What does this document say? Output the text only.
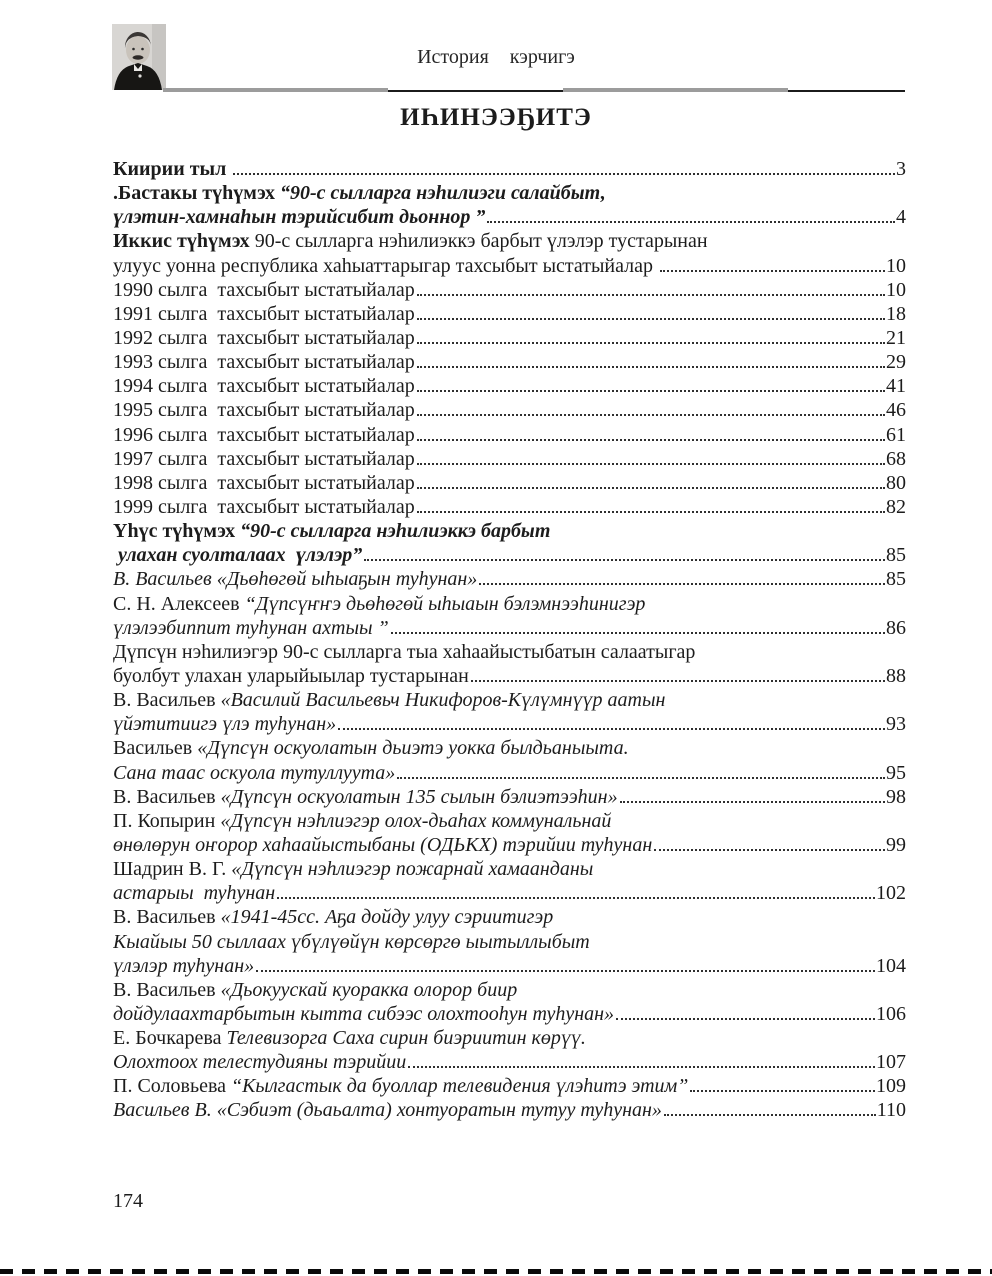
История кэрчигэ
ИҺИНЭЭҔИТЭ
Киирии тыл	3
.Бастакы түһүмэх “90-с сылларга нэһилиэги салайбыт,
үлэтин-хамнаһын тэрийсибит дьоннор ”	4
Иккис түһүмэх 90-с сылларга нэһилиэккэ барбыт үлэлэр тустарынан
улуус уонна республика хаһыаттарыгар тахсыбыт ыстатыйалар	10
1990 сылга  тахсыбыт ыстатыйалар	10
1991 сылга  тахсыбыт ыстатыйалар	18
1992 сылга  тахсыбыт ыстатыйалар	21
1993 сылга  тахсыбыт ыстатыйалар	29
1994 сылга  тахсыбыт ыстатыйалар	41
1995 сылга  тахсыбыт ыстатыйалар	46
1996 сылга  тахсыбыт ыстатыйалар	61
1997 сылга  тахсыбыт ыстатыйалар	68
1998 сылга  тахсыбыт ыстатыйалар	80
1999 сылга  тахсыбыт ыстатыйалар	82
Үһүс түһүмэх “90-с сылларга нэһилиэккэ барбыт
улахан суолталаах  үлэлэр”	85
В. Васильев «Дьөһөгөй ыһыаҕын туһунан»	85
С. Н. Алексеев “Дүпсүҥҥэ дьөһөгөй ыһыаын бэлэмнээһинигэр
үлэлээбиппит туһунан ахтыы ”	86
Дүпсүн нэһилиэгэр 90-с сылларга тыа хаһаайыстыбатын салаатыгар
буолбут улахан уларыйыылар тустарынан	88
В. Васильев «Василий Васильевьч Никифоров-Күлүмнүүр аатын
үйэтитиигэ үлэ туһунан»	93
Васильев «Дүпсүн оскуолатын дьиэтэ уокка былдьаныыта.
Сана таас оскуола тутуллуута»	95
В. Васильев «Дүпсүн оскуолатын 135 сылын бэлиэтээһин»	98
П. Копырин «Дүпсүн нэһлиэгэр олох-дьаһах коммунальнай
өнөлөрун оҥорор хаһаайыстыбаны (ОДЬКХ) тэрийии туһунан	99
Шадрин В. Г. «Дүпсүн нэһлиэгэр пожарнай хамаанданы
астарыы  туһунан	102
В. Васильев «1941-45сс. Аҕа дойду улуу сэриитигэр
Кыайыы 50 сыллаах үбүлүөйүн көрсөргө ыытыллыбыт
үлэлэр туһунан»	104
В. Васильев «Дьокуускай куоракка олорор биир
дойдулаахтарбытын кытта сибээс олохтооһун туһунан»	106
Е. Бочкарева Телевизорга Саха сирин биэриитин көрүү.
Олохтоох телестудияны тэрийии	107
П. Соловьева “Кылгастык да буоллар телевидения үлэһитэ этим”	109
Васильев В. «Сэбиэт (дьаьалта) хонтуоратын тутуу туһунан»	110
174
